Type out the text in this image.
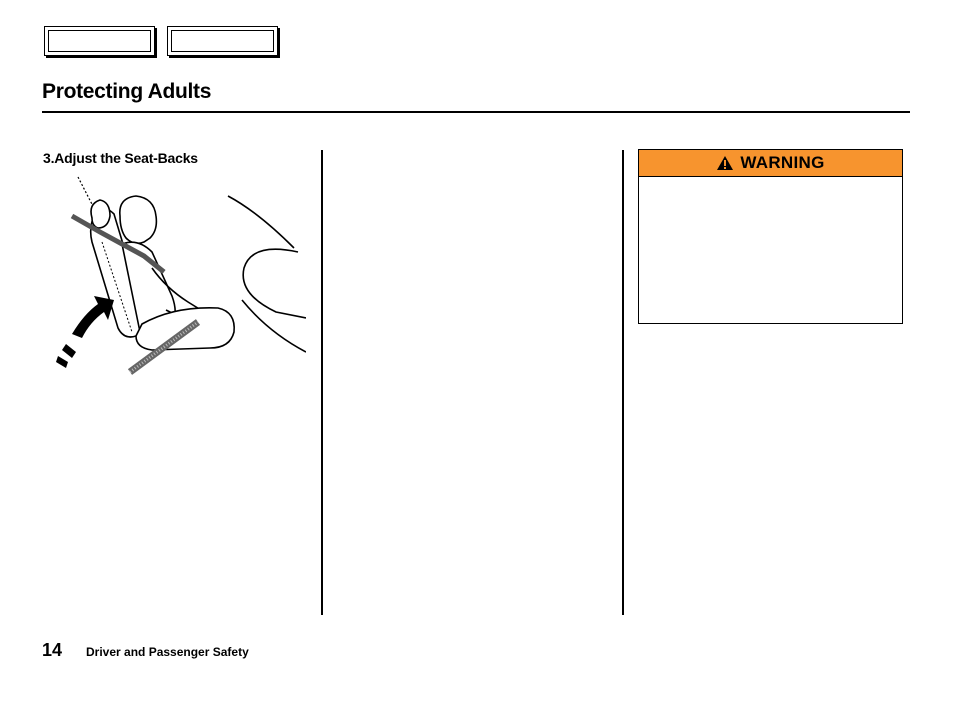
Protecting Adults
3.Adjust the Seat-Backs	WARNING
14 Driver and Passenger Safety
